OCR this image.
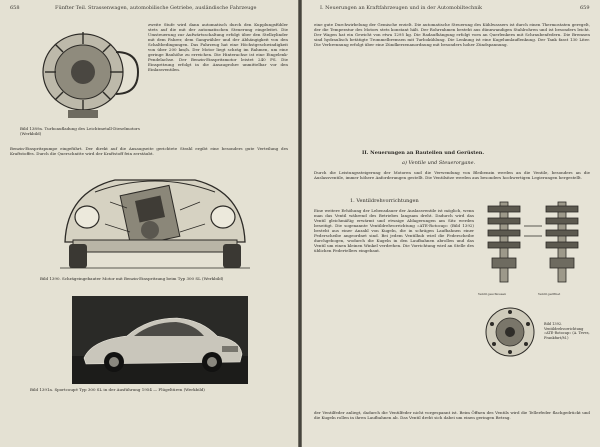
658	Fünfter Teil. Strassenwagen, automobilische Getriebe, ausländische Fahrzeuge
zweite Stufe wird dann automatisch durch den Kupplungsfühler stets auf die mit der automatischen Steuerung eingeleitet. Die Umsteuerung zur Aufwärtsschaltung erfolgt über den Stellzylinder mit dem Fahrer, dem Gangwähler und der Abhängigkeit von den Schaltbedingungen. Das Fahrzeug hat eine Höchstgeschwindigkeit von über 200 km/h. Der Motor liegt schräg im Rahmen, um eine geringe Bauhöhe zu erreichen. Die Hinterachse ist eine Eingelenk-Pendelachse. Der Benzin-Einspritzmotor leistet 240 PS. Die Einspritzung erfolgt in die Ansaugrohre unmittelbar vor den Einlassventilen.
Bild 1389a. Turboaufladung des Leichtmetall-Dieselmotors (Werkbild)
Benzin-Einspritzpumpe eingeführt. Der direkt auf die Ansaugseite gerichtete Strahl ergibt eine besonders gute Verteilung des Kraftstoffes. Durch die Querschnitte wird der Kraftstoff fein zerstäubt.
Bild 1390. Schrägeingebauter Motor mit Benzin-Einspritzung beim Typ 300 SL (Werkbild)
Bild 1391a. Sportcoupé Typ 300 SL in der Ausführung 1954 — Flügeltüren (Werkbild)
I. Neuerungen an Kraftfahrzeugen und in der Automobiltechnik	659
eine gute Durchwirbelung der Gemische erzielt. Die automatische Steuerung des Kühlwassers ist durch einen Thermostaten geregelt, der die Temperatur des Motors stets konstant hält. Der Rohrrahmen besteht aus dünnwandigen Stahlrohren und ist besonders leicht. Der Wagen hat ein Gewicht von etwa 1295 kg. Die Radaufhängung erfolgt vorn an Querlenkern mit Schraubenfedern. Die Bremsen sind hydraulisch betätigte Trommelbremsen mit Turbokühlung. Die Lenkung ist eine Kugelumlauflenkung. Der Tank fasst 130 Liter. Die Verbrennung erfolgt über eine Zündkerzenanordnung mit besonders hoher Zündspannung.
II. Neuerungen an Bauteilen und Gerüsten.
a) Ventile und Steuerorgane.
Durch die Leistungssteigerung der Motoren und die Verwendung von Bleibenzin werden an die Ventile, besonders an die Auslassventile, immer höhere Anforderungen gestellt. Die Ventilsitze werden aus besonders hochwertigen Legierungen hergestellt.
1. Ventildrehvorrichtungen
Eine weitere Erhöhung der Lebensdauer der Auslassventile ist möglich, wenn man das Ventil während des Betriebes langsam dreht. Dadurch wird das Ventil gleichmäßig erwärmt und etwaige Ablagerungen am Sitz werden beseitigt. Die sogenannte Ventildrehvorrichtung »ATE-Rotocap« (Bild 1392) besteht aus einer Anzahl von Kugeln, die in schrägen Laufbahnen einer Federscheibe angeordnet sind. Bei jedem Ventilhub wird die Federscheibe durchgebogen, wodurch die Kugeln in den Laufbahnen abrollen und das Ventil um einen kleinen Winkel verdrehen. Die Vorrichtung wird an Stelle des üblichen Federtellers eingebaut.
Ventil geschlossen	Ventil geöffnet
Bild 1392. Ventildrehvorrichtung »ATE-Rotocap« (A. Teves, Frankfurt/M.)
der Ventilfeder anliegt, dadurch die Ventilfeder nicht vorgespannt ist. Beim Öffnen des Ventils wird die Tellerfeder flachgedrückt und die Kugeln rollen in ihren Laufbahnen ab. Das Ventil dreht sich dabei um einen geringen Betrag.
